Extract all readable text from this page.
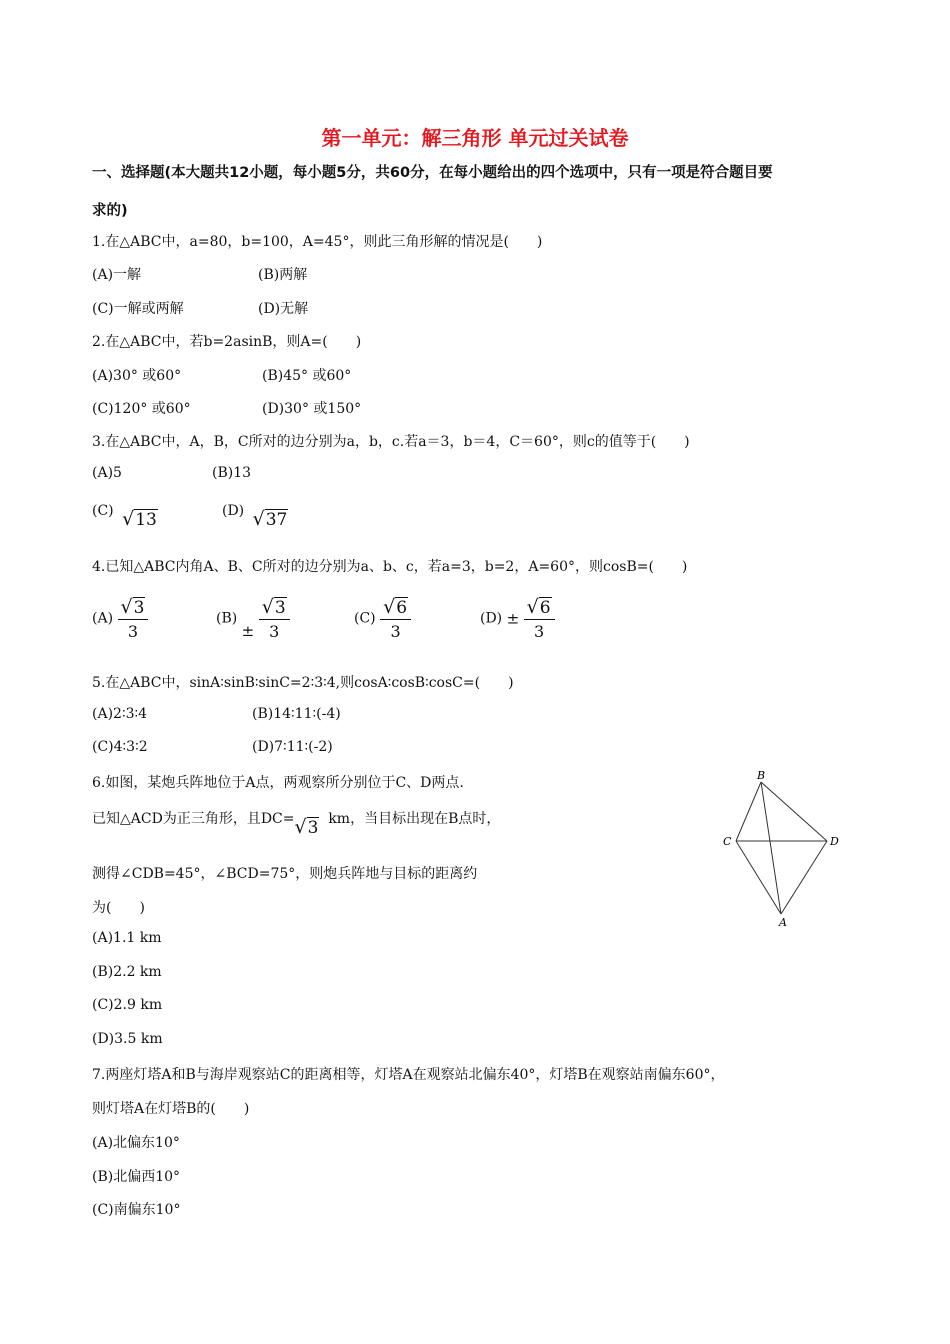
第一单元：解三角形 单元过关试卷
一、选择题(本大题共12小题，每小题5分，共60分，在每小题给出的四个选项中，只有一项是符合题目要
求的)
1.在△ABC中，a=80，b=100，A=45°，则此三角形解的情况是(　　)
(A)一解	(B)两解
(C)一解或两解	(D)无解
2.在△ABC中，若b=2asinB，则A=(　　)
(A)30° 或60°	(B)45° 或60°
(C)120° 或60°	(D)30° 或150°
3.在△ABC中，A，B，C所对的边分别为a，b，c.若a＝3，b＝4，C＝60°，则c的值等于(　　)
(A)5	(B)13
(C) √13	(D) √37
4.已知△ABC内角A、B、C所对的边分别为a、b、c，若a=3，b=2，A=60°，则cosB=(　　)
$(A) \frac{√3}{3}$	$(B) \pm \frac{√3}{3}$	$(C) \frac{√6}{3}$	$(D) \pm \frac{√6}{3}$
5.在△ABC中，sinA∶sinB∶sinC=2∶3∶4,则cosA∶cosB∶cosC=(　　)
(A)2∶3∶4	(B)14∶11∶(-4)
(C)4∶3∶2	(D)7∶11∶(-2)
6.如图，某炮兵阵地位于A点，两观察所分别位于C、D两点.
已知△ACD为正三角形，且DC=√3 km，当目标出现在B点时，
测得∠CDB=45°，∠BCD=75°，则炮兵阵地与目标的距离约
为(　　)
(A)1.1 km
(B)2.2 km
(C)2.9 km
(D)3.5 km
B
C	D
A
7.两座灯塔A和B与海岸观察站C的距离相等，灯塔A在观察站北偏东40°，灯塔B在观察站南偏东60°，
则灯塔A在灯塔B的(　　)
(A)北偏东10°
(B)北偏西10°
(C)南偏东10°
